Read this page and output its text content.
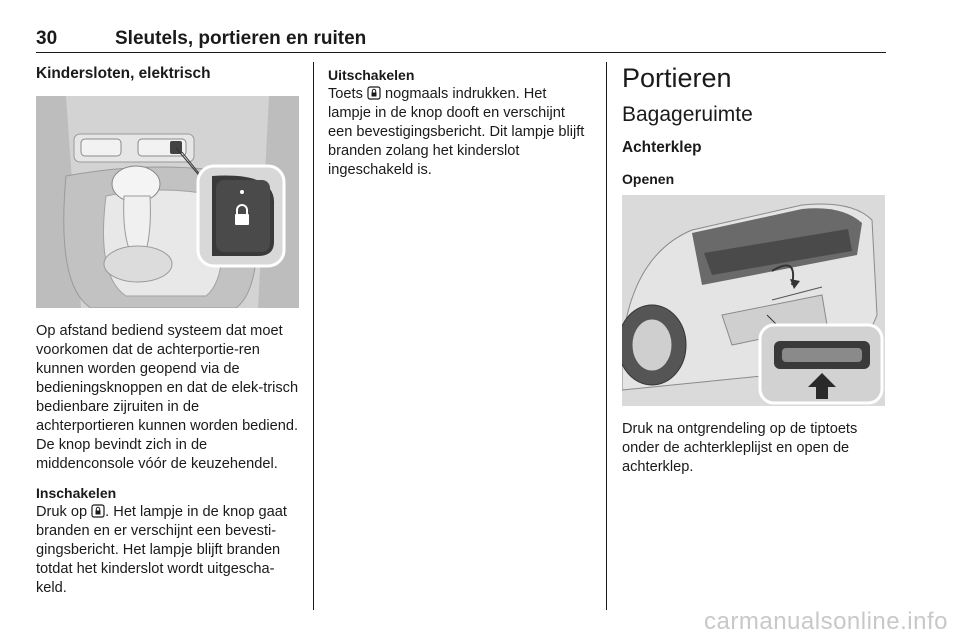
30	Sleutels, portieren en ruiten
Kindersloten, elektrisch

Op afstand bediend systeem dat moet voorkomen dat de achterportie-ren kunnen worden geopend via de bedieningsknoppen en dat de elek-trisch bedienbare zijruiten in de achterportieren kunnen worden bediend. De knop bevindt zich in de middenconsole vóór de keuzehendel.

Inschakelen

Druk op . Het lampje in de knop gaat branden en er verschijnt een bevesti-gingsbericht. Het lampje blijft branden totdat het kinderslot wordt uitgescha-keld.

Uitschakelen

Toets nogmaals indrukken. Het lampje in de knop dooft en verschijnt een bevestigingsbericht. Dit lampje blijft branden zolang het kinderslot ingeschakeld is.

Portieren
Bagageruimte
Achterklep
Openen

Druk na ontgrendeling op de tiptoets onder de achterkleplijst en open de achterklep.

carmanualsonline.info
